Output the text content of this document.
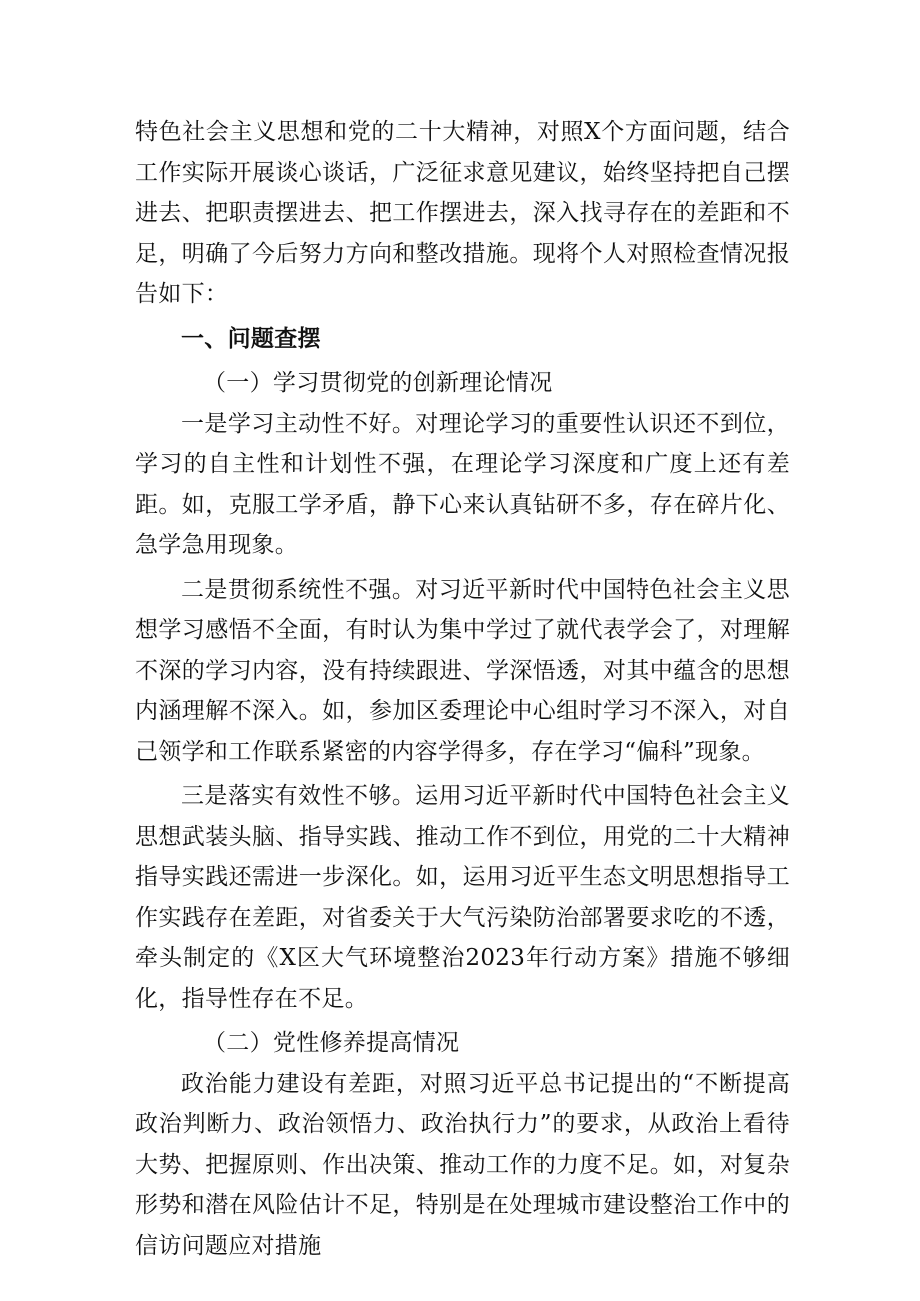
特色社会主义思想和党的二十大精神，对照X个方面问题，结合工作实际开展谈心谈话，广泛征求意见建议，始终坚持把自己摆进去、把职责摆进去、把工作摆进去，深入找寻存在的差距和不足，明确了今后努力方向和整改措施。现将个人对照检查情况报告如下：

一、问题查摆

（一）学习贯彻党的创新理论情况

一是学习主动性不好。对理论学习的重要性认识还不到位，学习的自主性和计划性不强，在理论学习深度和广度上还有差距。如，克服工学矛盾，静下心来认真钻研不多，存在碎片化、急学急用现象。

二是贯彻系统性不强。对习近平新时代中国特色社会主义思想学习感悟不全面，有时认为集中学过了就代表学会了，对理解不深的学习内容，没有持续跟进、学深悟透，对其中蕴含的思想内涵理解不深入。如，参加区委理论中心组时学习不深入，对自己领学和工作联系紧密的内容学得多，存在学习“偏科”现象。

三是落实有效性不够。运用习近平新时代中国特色社会主义思想武装头脑、指导实践、推动工作不到位，用党的二十大精神指导实践还需进一步深化。如，运用习近平生态文明思想指导工作实践存在差距，对省委关于大气污染防治部署要求吃的不透，牵头制定的《X区大气环境整治2023年行动方案》措施不够细化，指导性存在不足。

（二）党性修养提高情况

政治能力建设有差距，对照习近平总书记提出的“不断提高政治判断力、政治领悟力、政治执行力”的要求，从政治上看待大势、把握原则、作出决策、推动工作的力度不足。如，对复杂形势和潜在风险估计不足，特别是在处理城市建设整治工作中的信访问题应对措施
